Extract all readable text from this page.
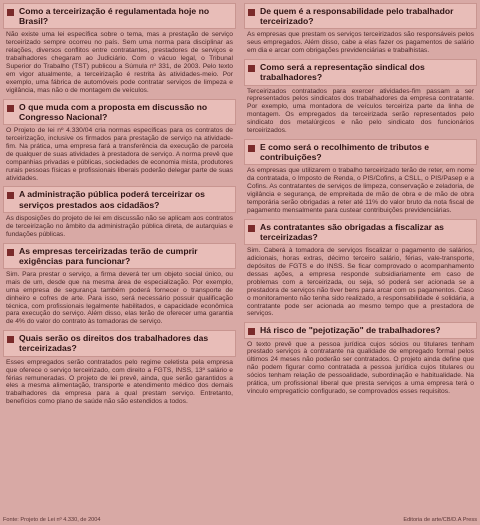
Como a terceirização é regulamentada hoje no Brasil?
Não existe uma lei específica sobre o tema, mas a prestação de serviço terceirizado sempre ocorreu no país. Sem uma norma para disciplinar as relações, diversos conflitos entre contratantes, prestadores de serviços e trabalhadores chegaram ao Judiciário. Com o vácuo legal, o Tribunal Superior do Trabalho (TST) publicou a Súmula nº 331, de 2003. Pelo texto em vigor atualmente, a terceirização é restrita às atividades-meio. Por exemplo, uma fábrica de automóveis pode contratar serviços de limpeza e vigilância, mas não o de montagem de veículos.
O que muda com a proposta em discussão no Congresso Nacional?
O Projeto de lei nº 4.330/04 cria normas específicas para os contratos de terceirização, inclusive os firmados para prestação de serviço na atividade-fim. Na prática, uma empresa fará a transferência da execução de parcela de qualquer de suas atividades à prestadora de serviço. A norma prevê que companhias privadas e públicas, sociedades de economia mista, produtores rurais pessoas físicas e profissionais liberais poderão delegar parte de suas atividades.
A administração pública poderá terceirizar os serviços prestados aos cidadãos?
As disposições do projeto de lei em discussão não se aplicam aos contratos de terceirização no âmbito da administração pública direta, de autarquias e fundações públicas.
As empresas terceirizadas terão de cumprir exigências para funcionar?
Sim. Para prestar o serviço, a firma deverá ter um objeto social único, ou mais de um, desde que na mesma área de especialização. Por exemplo, uma empresa de segurança também poderá fornecer o transporte de dinheiro e cofres de arte. Para isso, será necessário possuir qualificação técnica, com profissionais legalmente habilitados, e capacidade econômica para execução do serviço. Além disso, elas terão de oferecer uma garantia de 4% do valor do contrato às tomadoras de serviço.
Quais serão os direitos dos trabalhadores das terceirizadas?
Esses empregados serão contratados pelo regime celetista pela empresa que oferece o serviço terceirizado, com direito a FGTS, INSS, 13º salário e férias remuneradas. O projeto de lei prevê, ainda, que serão garantidos a eles a mesma alimentação, transporte e atendimento médico dos demais trabalhadores da empresa para a qual prestam serviço. Entretanto, benefícios como plano de saúde não são estendidos a todos.
De quem é a responsabilidade pelo trabalhador terceirizado?
As empresas que prestam os serviços terceirizados são responsáveis pelos seus empregados. Além disso, cabe a elas fazer os pagamentos de salário em dia e arcar com obrigações previdenciárias e trabalhistas.
Como será a representação sindical dos trabalhadores?
Terceirizados contratados para exercer atividades-fim passam a ser representados pelos sindicatos dos trabalhadores da empresa contratante. Por exemplo, uma montadora de veículos terceiriza parte da linha de montagem. Os empregados da terceirizada serão representados pelo sindicato dos metalúrgicos e não pelo sindicato dos funcionários terceirizados.
E como será o recolhimento de tributos e contribuições?
As empresas que utilizarem o trabalho terceirizado terão de reter, em nome da contratada, o Imposto de Renda, o PIS/Cofins, a CSLL, o PIS/Pasep e a Cofins. As contratantes de serviços de limpeza, conservação e zeladoria, de vigilância e segurança, de empreitada de mão de obra e de mão de obra temporária serão obrigadas a reter até 11% do valor bruto da nota fiscal de pagamento mensalmente para custear contribuições previdenciárias.
As contratantes são obrigadas a fiscalizar as terceirizadas?
Sim. Caberá à tomadora de serviços fiscalizar o pagamento de salários, adicionais, horas extras, décimo terceiro salário, férias, vale-transporte, depósitos de FGTS e do INSS. Se ficar comprovado o acompanhamento dessas ações, a empresa responde subsidiariamente em caso de problemas com a terceirizada, ou seja, só poderá ser acionada se a prestadora de serviços não tiver bens para arcar com os pagamentos. Caso o monitoramento não tenha sido realizado, a responsabilidade é solidária, a contratante pode ser acionada ao mesmo tempo que a prestadora de serviços.
Há risco de "pejotização" de trabalhadores?
O texto prevê que a pessoa jurídica cujos sócios ou titulares tenham prestado serviços à contratante na qualidade de empregado formal pelos últimos 24 meses não poderão ser contratados. O projeto ainda define que não podem figurar como contratada a pessoa jurídica cujos titulares ou sócios tenham relação de pessoalidade, subordinação e habitualidade. Na prática, um profissional liberal que presta serviços a uma empresa terá o vínculo empregatício configurado, se comprovados esses requisitos.
Fonte: Projeto de Lei nº 4.330, de 2004	Editoria de arte/CB/D.A Press
